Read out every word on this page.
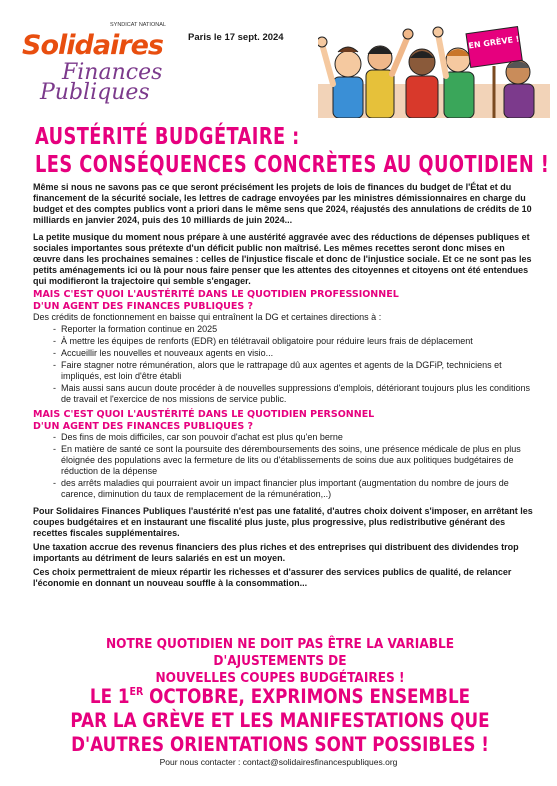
SYNDICAT NATIONAL
Solidaires
Finances
Publiques
Paris le 17 sept. 2024	EN GRÈVE !
AUSTÉRITÉ BUDGÉTAIRE :
LES CONSÉQUENCES CONCRÈTES AU QUOTIDIEN !

Même si nous ne savons pas ce que seront précisément les projets de lois de finances du budget de l'État et du financement de la sécurité sociale, les lettres de cadrage envoyées par les ministres démissionnaires en charge du budget et des comptes publics vont a priori dans le même sens que 2024, réajustés des annulations de crédits de 10 milliards en janvier 2024, puis des 10 milliards de juin 2024...

La petite musique du moment nous prépare à une austérité aggravée avec des réductions de dépenses publiques et sociales importantes sous prétexte d'un déficit public non maîtrisé. Les mêmes recettes seront donc mises en œuvre dans les prochaines semaines : celles de l'injustice fiscale et donc de l'injustice sociale. Et ce ne sont pas les petits aménagements ici ou là pour nous faire penser que les attentes des citoyennes et citoyens ont été entendues qui modifieront la trajectoire qui semble s'engager.

MAIS C'EST QUOI L'AUSTÉRITÉ DANS LE QUOTIDIEN PROFESSIONNEL
D'UN AGENT DES FINANCES PUBLIQUES ?

Des crédits de fonctionnement en baisse qui entraînent la DG et certaines directions à :

- Reporter la formation continue en 2025
- À mettre les équipes de renforts (EDR) en télétravail obligatoire pour réduire leurs frais de déplacement
- Accueillir les nouvelles et nouveaux agents en visio...
- Faire stagner notre rémunération, alors que le rattrapage dû aux agentes et agents de la DGFiP, techniciens et impliqués, est loin d'être établi
- Mais aussi sans aucun doute procéder à de nouvelles suppressions d'emplois, détériorant toujours plus les conditions de travail et l'exercice de nos missions de service public.
MAIS C'EST QUOI L'AUSTÉRITÉ DANS LE QUOTIDIEN PERSONNEL
D'UN AGENT DES FINANCES PUBLIQUES ?
- Des fins de mois difficiles, car son pouvoir d'achat est plus qu'en berne
- En matière de santé ce sont la poursuite des déremboursements des soins, une présence médicale de plus en plus éloignée des populations avec la fermeture de lits ou d'établissements de soins due aux politiques budgétaires de réduction de la dépense
- des arrêts maladies qui pourraient avoir un impact financier plus important (augmentation du nombre de jours de carence, diminution du taux de remplacement de la rémunération,..)

Pour Solidaires Finances Publiques l'austérité n'est pas une fatalité, d'autres choix doivent s'imposer, en arrêtant les coupes budgétaires et en instaurant une fiscalité plus juste, plus progressive, plus redistributive générant des recettes fiscales supplémentaires.

Une taxation accrue des revenus financiers des plus riches et des entreprises qui distribuent des dividendes trop importants au détriment de leurs salariés en est un moyen.

Ces choix permettraient de mieux répartir les richesses et d'assurer des services publics de qualité, de relancer l'économie en donnant un nouveau souffle à la consommation...

NOTRE QUOTIDIEN NE DOIT PAS ÊTRE LA VARIABLE D'AJUSTEMENTS DE
NOUVELLES COUPES BUDGÉTAIRES !
LE 1ER OCTOBRE, EXPRIMONS ENSEMBLE
PAR LA GRÈVE ET LES MANIFESTATIONS QUE
D'AUTRES ORIENTATIONS SONT POSSIBLES !
Pour nous contacter : contact@solidairesfinancespubliques.org
